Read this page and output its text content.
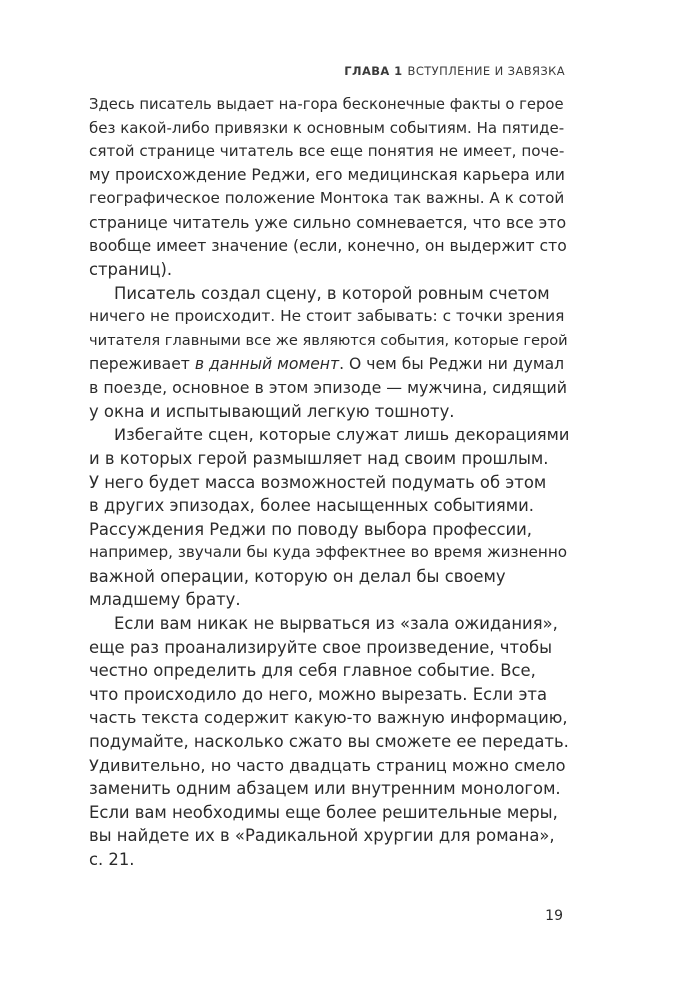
ГЛАВА 1 ВСТУПЛЕНИЕ И ЗАВЯЗКА
Здесь писатель выдает на-гора бесконечные факты о герое
без какой-либо привязки к основным событиям. На пятиде-
сятой странице читатель все еще понятия не имеет, поче-
му происхождение Реджи, его медицинская карьера или
географическое положение Монтока так важны. А к сотой
странице читатель уже сильно сомневается, что все это
вообще имеет значение (если, конечно, он выдержит сто
страниц).
Писатель создал сцену, в которой ровным счетом
ничего не происходит. Не стоит забывать: с точки зрения
читателя главными все же являются события, которые герой
переживает в данный момент. О чем бы Реджи ни думал
в поезде, основное в этом эпизоде — мужчина, сидящий
у окна и испытывающий легкую тошноту.
Избегайте сцен, которые служат лишь декорациями
и в которых герой размышляет над своим прошлым.
У него будет масса возможностей подумать об этом
в других эпизодах, более насыщенных событиями.
Рассуждения Реджи по поводу выбора профессии,
например, звучали бы куда эффектнее во время жизненно
важной операции, которую он делал бы своему
младшему брату.
Если вам никак не вырваться из «зала ожидания»,
еще раз проанализируйте свое произведение, чтобы
честно определить для себя главное событие. Все,
что происходило до него, можно вырезать. Если эта
часть текста содержит какую-то важную информацию,
подумайте, насколько сжато вы сможете ее передать.
Удивительно, но часто двадцать страниц можно смело
заменить одним абзацем или внутренним монологом.
Если вам необходимы еще более решительные меры,
вы найдете их в «Радикальной хрургии для романа»,
с. 21.
19
